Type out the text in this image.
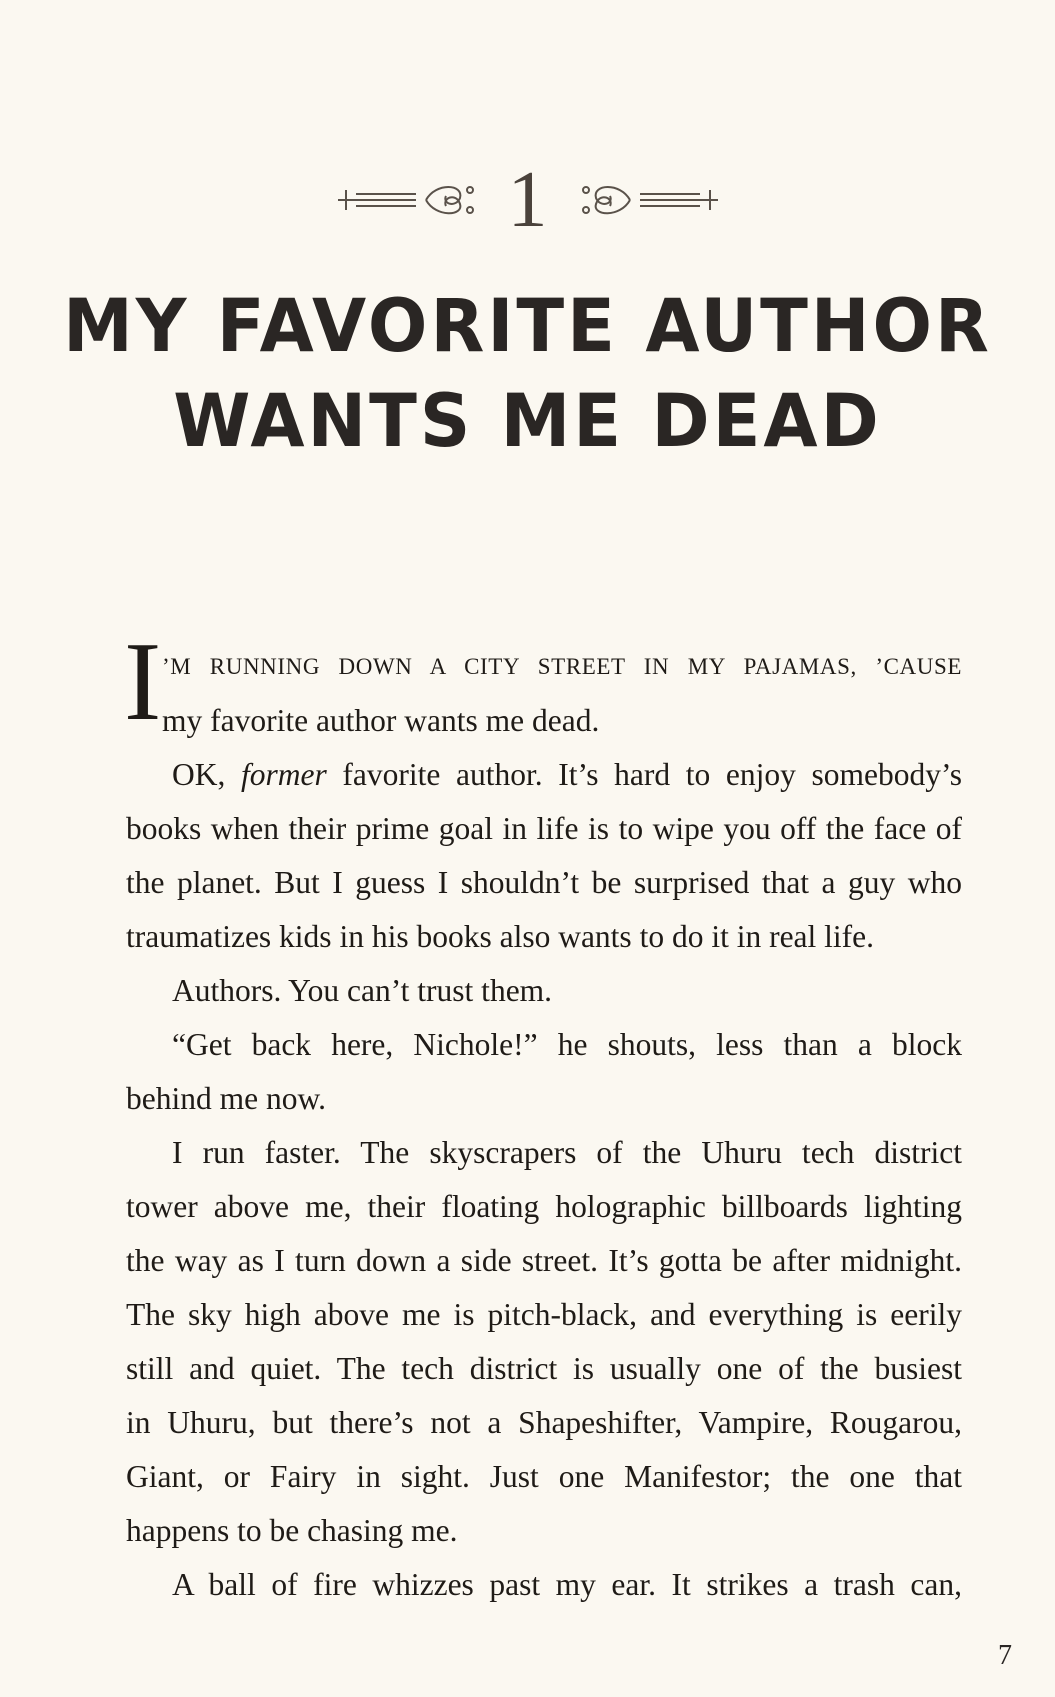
1
MY FAVORITE AUTHOR
WANTS ME DEAD
I ’M RUNNING DOWN A CITY STREET IN MY PAJAMAS, ’CAUSE
my favorite author wants me dead.
OK, former favorite author. It’s hard to enjoy somebody’s
books when their prime goal in life is to wipe you off the face of
the planet. But I guess I shouldn’t be surprised that a guy who
traumatizes kids in his books also wants to do it in real life.
Authors. You can’t trust them.
“Get back here, Nichole!” he shouts, less than a block
behind me now.
I run faster. The skyscrapers of the Uhuru tech district
tower above me, their floating holographic billboards lighting
the way as I turn down a side street. It’s gotta be after midnight.
The sky high above me is pitch-black, and everything is eerily
still and quiet. The tech district is usually one of the busiest
in Uhuru, but there’s not a Shapeshifter, Vampire, Rougarou,
Giant, or Fairy in sight. Just one Manifestor; the one that
happens to be chasing me.
A ball of fire whizzes past my ear. It strikes a trash can,
7
